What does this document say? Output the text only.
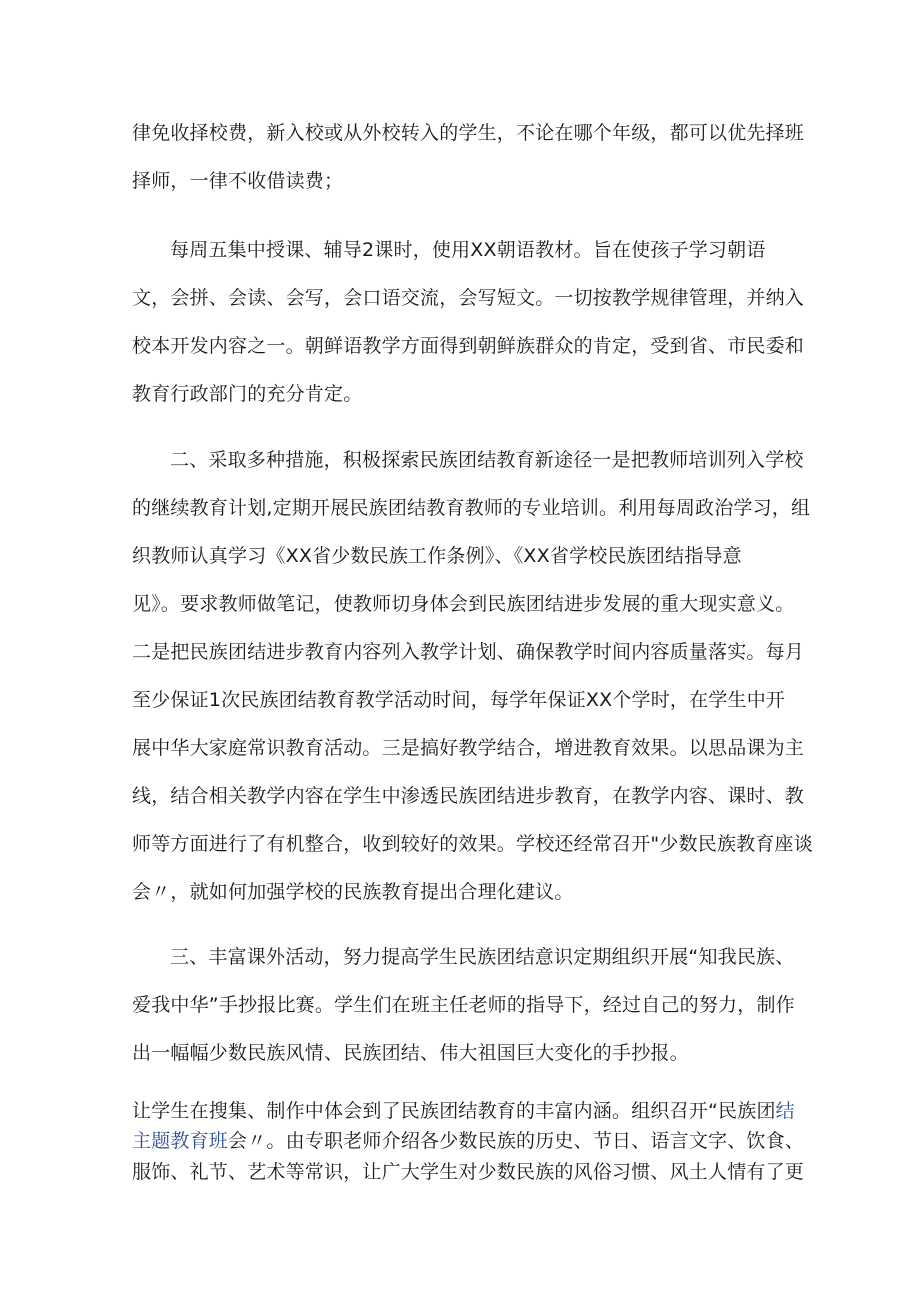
律免收择校费，新入校或从外校转入的学生，不论在哪个年级，都可以优先择班
择师，一律不收借读费；
每周五集中授课、辅导2课时，使用XX朝语教材。旨在使孩子学习朝语
文，会拼、会读、会写，会口语交流，会写短文。一切按教学规律管理，并纳入
校本开发内容之一。朝鲜语教学方面得到朝鲜族群众的肯定，受到省、市民委和
教育行政部门的充分肯定。
二、采取多种措施，积极探索民族团结教育新途径一是把教师培训列入学校
的继续教育计划,定期开展民族团结教育教师的专业培训。利用每周政治学习，组
织教师认真学习《XX省少数民族工作条例》、《XX省学校民族团结指导意
见》。要求教师做笔记，使教师切身体会到民族团结进步发展的重大现实意义。
二是把民族团结进步教育内容列入教学计划、确保教学时间内容质量落实。每月
至少保证1次民族团结教育教学活动时间，每学年保证XX个学时，在学生中开
展中华大家庭常识教育活动。三是搞好教学结合，增进教育效果。以思品课为主
线，结合相关教学内容在学生中渗透民族团结进步教育，在教学内容、课时、教
师等方面进行了有机整合，收到较好的效果。学校还经常召开"少数民族教育座谈
会〃，就如何加强学校的民族教育提出合理化建议。
三、丰富课外活动，努力提高学生民族团结意识定期组织开展“知我民族、
爱我中华”手抄报比赛。学生们在班主任老师的指导下，经过自己的努力，制作
出一幅幅少数民族风情、民族团结、伟大祖国巨大变化的手抄报。
让学生在搜集、制作中体会到了民族团结教育的丰富内涵。组织召开“民族团结
主题教育班会〃。由专职老师介绍各少数民族的历史、节日、语言文字、饮食、
服饰、礼节、艺术等常识，让广大学生对少数民族的风俗习惯、风土人情有了更
